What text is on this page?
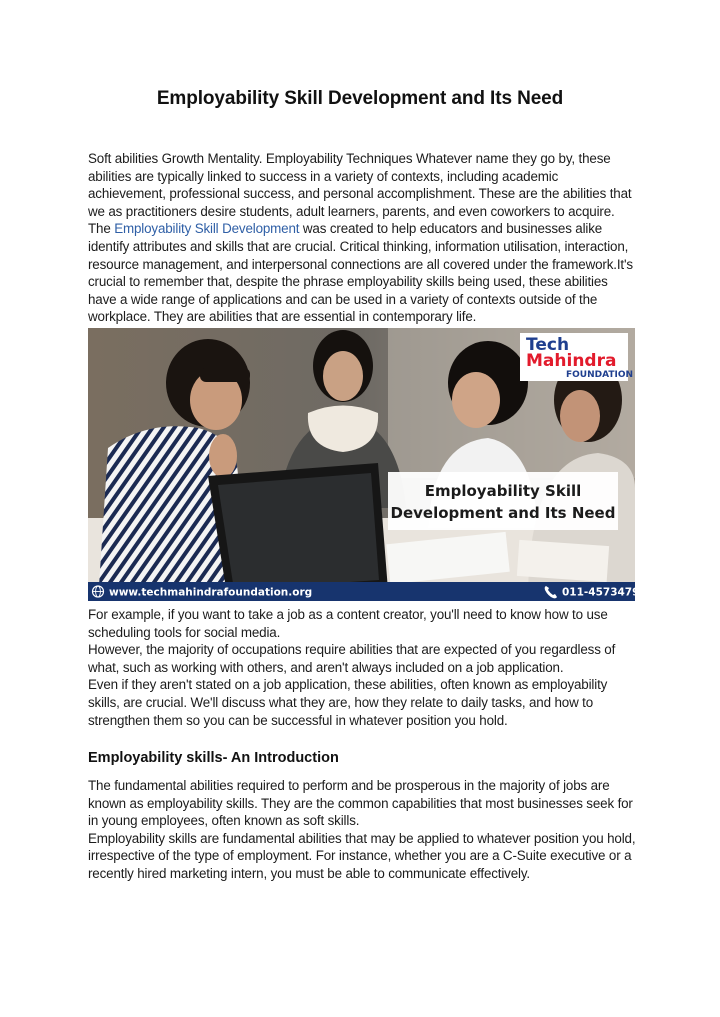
Employability Skill Development and Its Need

Soft abilities Growth Mentality. Employability Techniques Whatever name they go by, these abilities are typically linked to success in a variety of contexts, including academic achievement, professional success, and personal accomplishment. These are the abilities that we as practitioners desire students, adult learners, parents, and even coworkers to acquire. The Employability Skill Development was created to help educators and businesses alike identify attributes and skills that are crucial. Critical thinking, information utilisation, interaction, resource management, and interpersonal connections are all covered under the framework.It's crucial to remember that, despite the phrase employability skills being used, these abilities have a wide range of applications and can be used in a variety of contexts outside of the workplace. They are abilities that are essential in contemporary life.

Employability Skill
Development and Its Need
Tech
Mahindra
FOUNDATION
www.techmahindrafoundation.org	011-45734797

For example, if you want to take a job as a content creator, you'll need to know how to use scheduling tools for social media.

However, the majority of occupations require abilities that are expected of you regardless of what, such as working with others, and aren't always included on a job application.

Even if they aren't stated on a job application, these abilities, often known as employability skills, are crucial. We'll discuss what they are, how they relate to daily tasks, and how to strengthen them so you can be successful in whatever position you hold.

Employability skills- An Introduction

The fundamental abilities required to perform and be prosperous in the majority of jobs are known as employability skills. They are the common capabilities that most businesses seek for in young employees, often known as soft skills.

Employability skills are fundamental abilities that may be applied to whatever position you hold, irrespective of the type of employment. For instance, whether you are a C-Suite executive or a recently hired marketing intern, you must be able to communicate effectively.
